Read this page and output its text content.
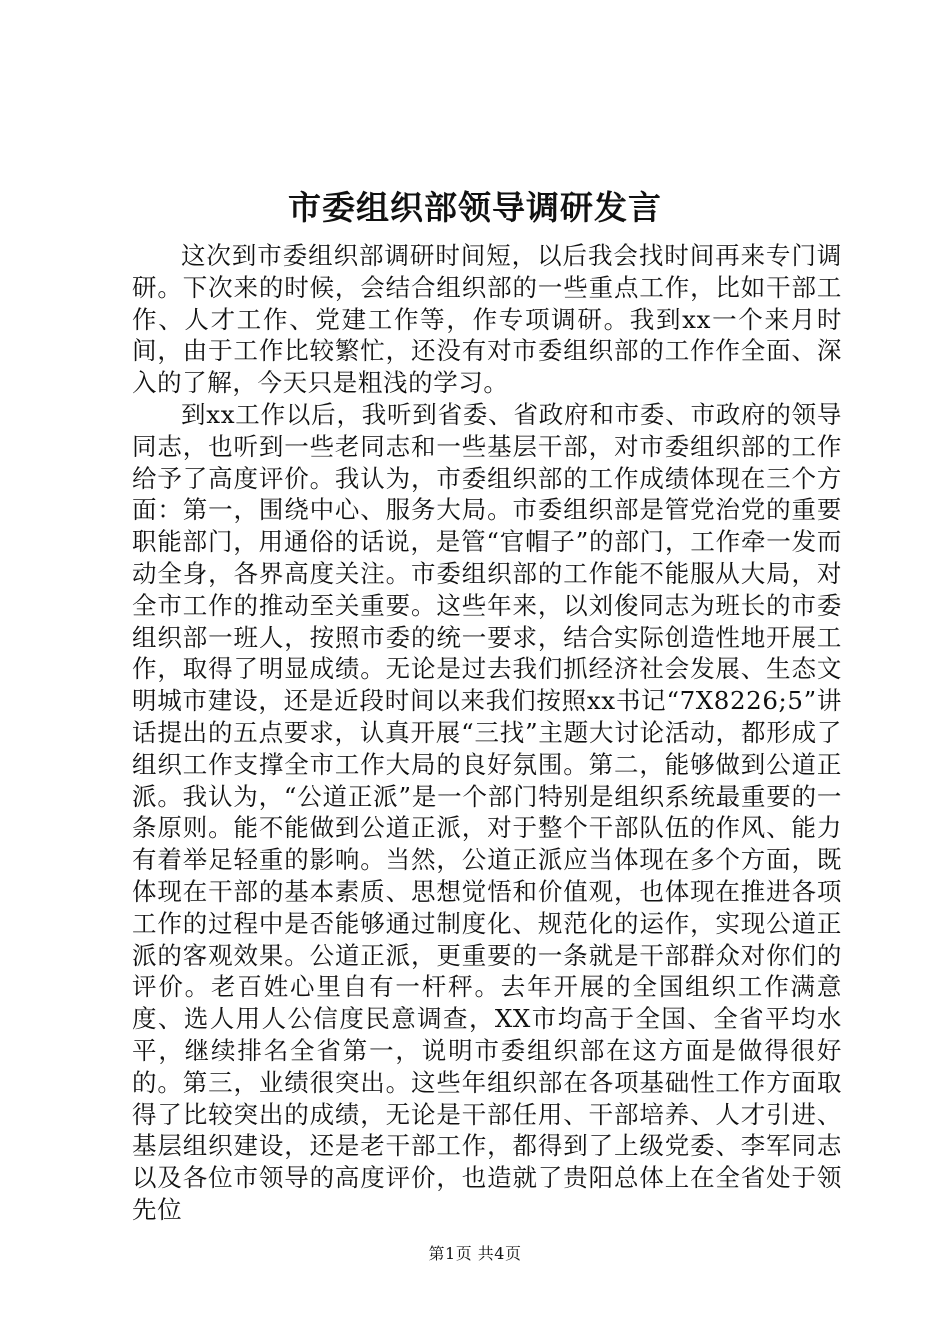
市委组织部领导调研发言

这次到市委组织部调研时间短，以后我会找时间再来专门调研。下次来的时候，会结合组织部的一些重点工作，比如干部工作、人才工作、党建工作等，作专项调研。我到xx一个来月时间，由于工作比较繁忙，还没有对市委组织部的工作作全面、深入的了解，今天只是粗浅的学习。

到xx工作以后，我听到省委、省政府和市委、市政府的领导同志，也听到一些老同志和一些基层干部，对市委组织部的工作给予了高度评价。我认为，市委组织部的工作成绩体现在三个方面：第一，围绕中心、服务大局。市委组织部是管党治党的重要职能部门，用通俗的话说，是管“官帽子”的部门，工作牵一发而动全身，各界高度关注。市委组织部的工作能不能服从大局，对全市工作的推动至关重要。这些年来，以刘俊同志为班长的市委组织部一班人，按照市委的统一要求，结合实际创造性地开展工作，取得了明显成绩。无论是过去我们抓经济社会发展、生态文明城市建设，还是近段时间以来我们按照xx书记“7X8226;5”讲话提出的五点要求，认真开展“三找”主题大讨论活动，都形成了组织工作支撑全市工作大局的良好氛围。第二，能够做到公道正派。我认为，“公道正派”是一个部门特别是组织系统最重要的一条原则。能不能做到公道正派，对于整个干部队伍的作风、能力有着举足轻重的影响。当然，公道正派应当体现在多个方面，既体现在干部的基本素质、思想觉悟和价值观，也体现在推进各项工作的过程中是否能够通过制度化、规范化的运作，实现公道正派的客观效果。公道正派，更重要的一条就是干部群众对你们的评价。老百姓心里自有一杆秤。去年开展的全国组织工作满意度、选人用人公信度民意调查，XX市均高于全国、全省平均水平，继续排名全省第一，说明市委组织部在这方面是做得很好的。第三，业绩很突出。这些年组织部在各项基础性工作方面取得了比较突出的成绩，无论是干部任用、干部培养、人才引进、基层组织建设，还是老干部工作，都得到了上级党委、李军同志以及各位市领导的高度评价，也造就了贵阳总体上在全省处于领先位

第1页 共4页
